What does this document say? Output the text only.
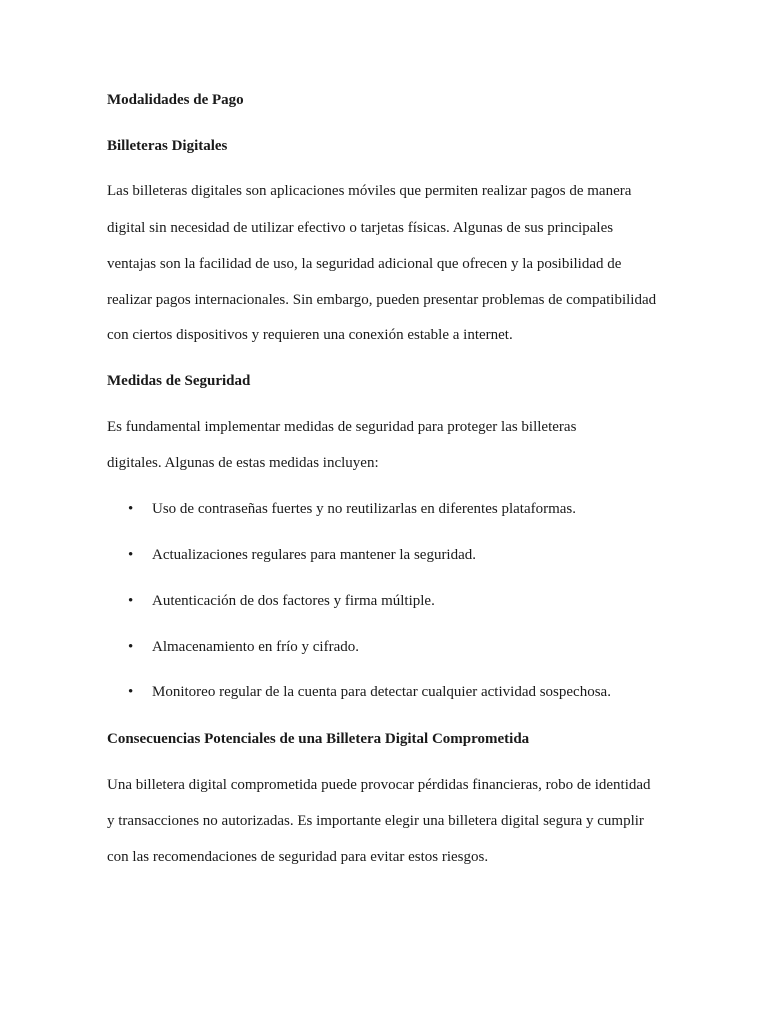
Modalidades de Pago
Billeteras Digitales
Las billeteras digitales son aplicaciones móviles que permiten realizar pagos de manera
digital sin necesidad de utilizar efectivo o tarjetas físicas. Algunas de sus principales
ventajas son la facilidad de uso, la seguridad adicional que ofrecen y la posibilidad de
realizar pagos internacionales. Sin embargo, pueden presentar problemas de compatibilidad
con ciertos dispositivos y requieren una conexión estable a internet.
Medidas de Seguridad
Es fundamental implementar medidas de seguridad para proteger las billeteras
digitales. Algunas de estas medidas incluyen:
• Uso de contraseñas fuertes y no reutilizarlas en diferentes plataformas.
• Actualizaciones regulares para mantener la seguridad.
• Autenticación de dos factores y firma múltiple.
• Almacenamiento en frío y cifrado.
• Monitoreo regular de la cuenta para detectar cualquier actividad sospechosa.
Consecuencias Potenciales de una Billetera Digital Comprometida
Una billetera digital comprometida puede provocar pérdidas financieras, robo de identidad
y transacciones no autorizadas. Es importante elegir una billetera digital segura y cumplir
con las recomendaciones de seguridad para evitar estos riesgos.
